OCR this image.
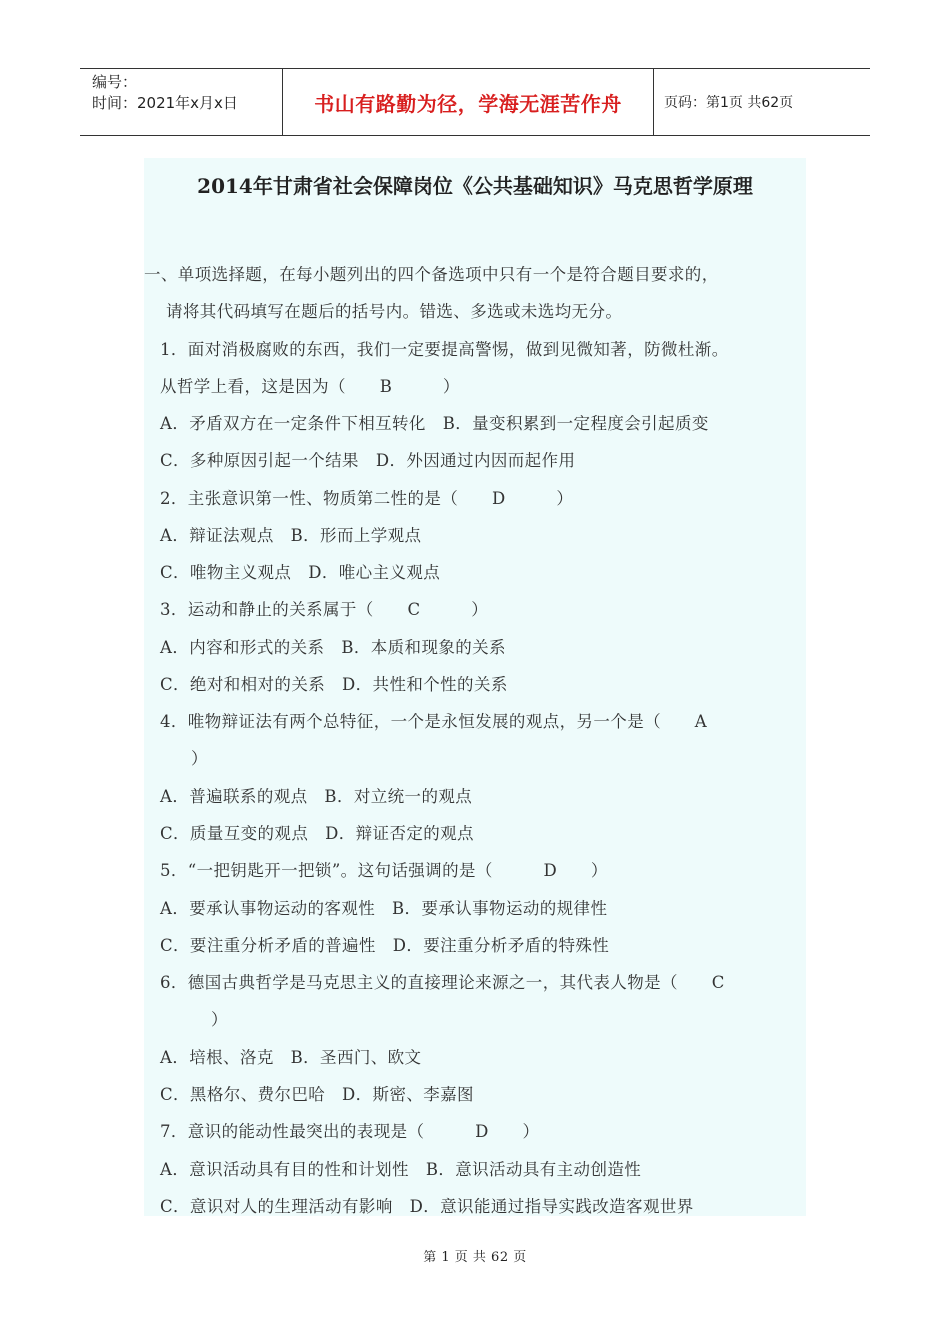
编号：
时间：2021年x月x日	书山有路勤为径，学海无涯苦作舟	页码：第1页 共62页
2014年甘肃省社会保障岗位《公共基础知识》马克思哲学原理
一、单项选择题，在每小题列出的四个备选项中只有一个是符合题目要求的，
请将其代码填写在题后的括号内。错选、多选或未选均无分。
1．面对消极腐败的东西，我们一定要提高警惕，做到见微知著，防微杜渐。
从哲学上看，这是因为（　　B　　　）
A．矛盾双方在一定条件下相互转化　B．量变积累到一定程度会引起质变
C．多种原因引起一个结果　D．外因通过内因而起作用
2．主张意识第一性、物质第二性的是（　　D　　　）
A．辩证法观点　B．形而上学观点
C．唯物主义观点　D．唯心主义观点
3．运动和静止的关系属于（　　C　　　）
A．内容和形式的关系　B．本质和现象的关系
C．绝对和相对的关系　D．共性和个性的关系
4．唯物辩证法有两个总特征，一个是永恒发展的观点，另一个是（　　A
）
A．普遍联系的观点　B．对立统一的观点
C．质量互变的观点　D．辩证否定的观点
5．“一把钥匙开一把锁”。这句话强调的是（　　　D　　）
A．要承认事物运动的客观性　B．要承认事物运动的规律性
C．要注重分析矛盾的普遍性　D．要注重分析矛盾的特殊性
6．德国古典哲学是马克思主义的直接理论来源之一，其代表人物是（　　C
）
A．培根、洛克　B．圣西门、欧文
C．黑格尔、费尔巴哈　D．斯密、李嘉图
7．意识的能动性最突出的表现是（　　　D　　）
A．意识活动具有目的性和计划性　B．意识活动具有主动创造性
C．意识对人的生理活动有影响　D．意识能通过指导实践改造客观世界
第 1 页 共 62 页
